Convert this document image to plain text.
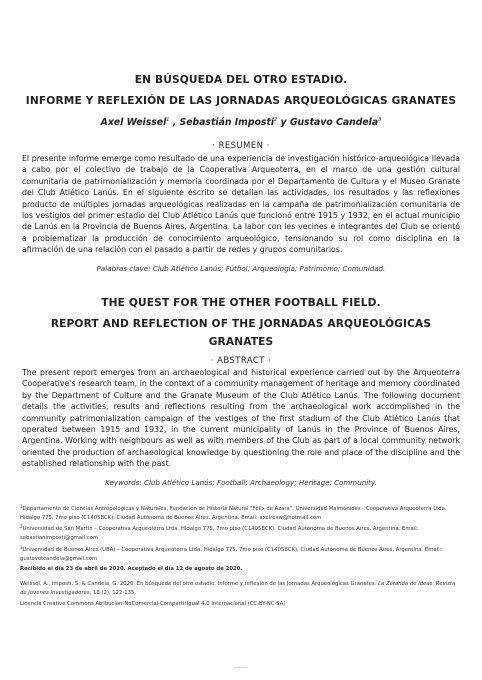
EN BÚSQUEDA DEL OTRO ESTADIO.
INFORME Y REFLEXIÓN DE LAS JORNADAS ARQUEOLÓGICAS GRANATES
Axel Weissel$^1$ , Sebastián Imposti$^2$ y Gustavo Candela$^3$
· RESUMEN ·
El presente informe emerge como resultado de una experiencia de investigación histórico-arqueológica llevada a cabo por el colectivo de trabajo de la Cooperativa Arqueoterra, en el marco de una gestión cultural comunitaria de patrimonialización y memoria coordinada por el Departamento de Cultura y el Museo Granate del Club Atlético Lanús. En el siguiente escrito se detallan las actividades, los resultados y las reflexiones producto de múltiples jornadas arqueológicas realizadas en la campaña de patrimonialización comunitaria de los vestigios del primer estadio del Club Atlético Lanús que funcionó entre 1915 y 1932, en el actual municipio de Lanús en la Provincia de Buenos Aires, Argentina. La labor con les vecines e integrantes del Club se orientó a problematizar la producción de conocimiento arqueológico, tensionando su rol como disciplina en la afirmación de una relación con el pasado a partir de redes y grupos comunitarios.
Palabras clave: Club Atlético Lanús; Fútbol; Arqueología; Patrimonio; Comunidad.
THE QUEST FOR THE OTHER FOOTBALL FIELD.
REPORT AND REFLECTION OF THE JORNADAS ARQUEOLÓGICAS
GRANATES
· ABSTRACT ·
The present report emerges from an archaeological and historical experience carried out by the Arqueoterra Cooperative's research team, in the context of a community management of heritage and memory coordinated by the Department of Culture and the Granate Museum of the Club Atlético Lanús. The following document details the activities, results and reflections resulting from the archaeological work accomplished in the community patrimonialization campaign of the vestiges of the first stadium of the Club Atlético Lanús that operated between 1915 and 1932, in the current municipality of Lanús in the Province of Buenos Aires, Argentina. Working with neighbours as well as with members of the Club as part of a local community network oriented the production of archaeological knowledge by questioning the role and place of the discipline and the established relationship with the past.
Keywords: Club Atlético Lanús; Football; Archaeology; Heritage; Community.
$^1$Departamento de Ciencias Antropológicas y Naturales, Fundación de Historia Natural "Félix de Azara", Universidad Maimónides - Cooperativa Arqueoterra Ltda. Hidalgo 775, 7mo piso (C1405BCK), Ciudad Autónoma de Buenos Aires, Argentina. Email: axelrexw@hotmail.com
$^2$Universidad de San Martín – Cooperativa Arqueoterra Ltda. Hidalgo 775, 7mo piso (C1405BCK), Ciudad Autónoma de Buenos Aires, Argentina. Email: sebastianimposti@gmail.com
$^3$Universidad de Buenos Aires (UBA) – Cooperativa Arqueoterra Ltda. Hidalgo 775, 7mo piso (C1405BCK), Ciudad Autónoma de Buenos Aires, Argentina. Email: gustavotcandela@gmail.com
Recibido el día 23 de abril de 2020. Aceptado el día 12 de agosto de 2020.
Weissel, A., Imposti, S. & Candela, G. 2020. En búsqueda del otro estadio. Informe y reflexión de las Jornadas Arqueológicas Granates. La Zaranda de Ideas. Revista de Jóvenes Investigadores, 18 (2), 122-135.
Licencia Creative Commons Atribución-NoComercial-CompartirIgual 4.0 Internacional (CC-BY-NC-SA)
